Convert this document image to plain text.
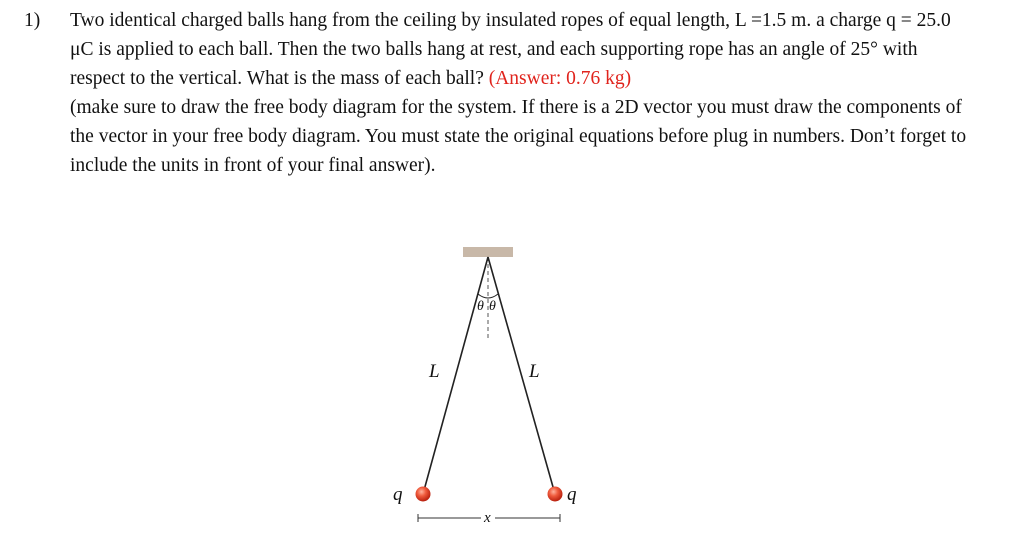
1) Two identical charged balls hang from the ceiling by insulated ropes of equal length, L =1.5 m. a charge q = 25.0 μC is applied to each ball. Then the two balls hang at rest, and each supporting rope has an angle of 25° with respect to the vertical. What is the mass of each ball? (Answer: 0.76 kg)
(make sure to draw the free body diagram for the system. If there is a 2D vector you must draw the components of the vector in your free body diagram. You must state the original equations before plug in numbers. Don’t forget to include the units in front of your final answer).
θ θ
L	L
q	q
x
